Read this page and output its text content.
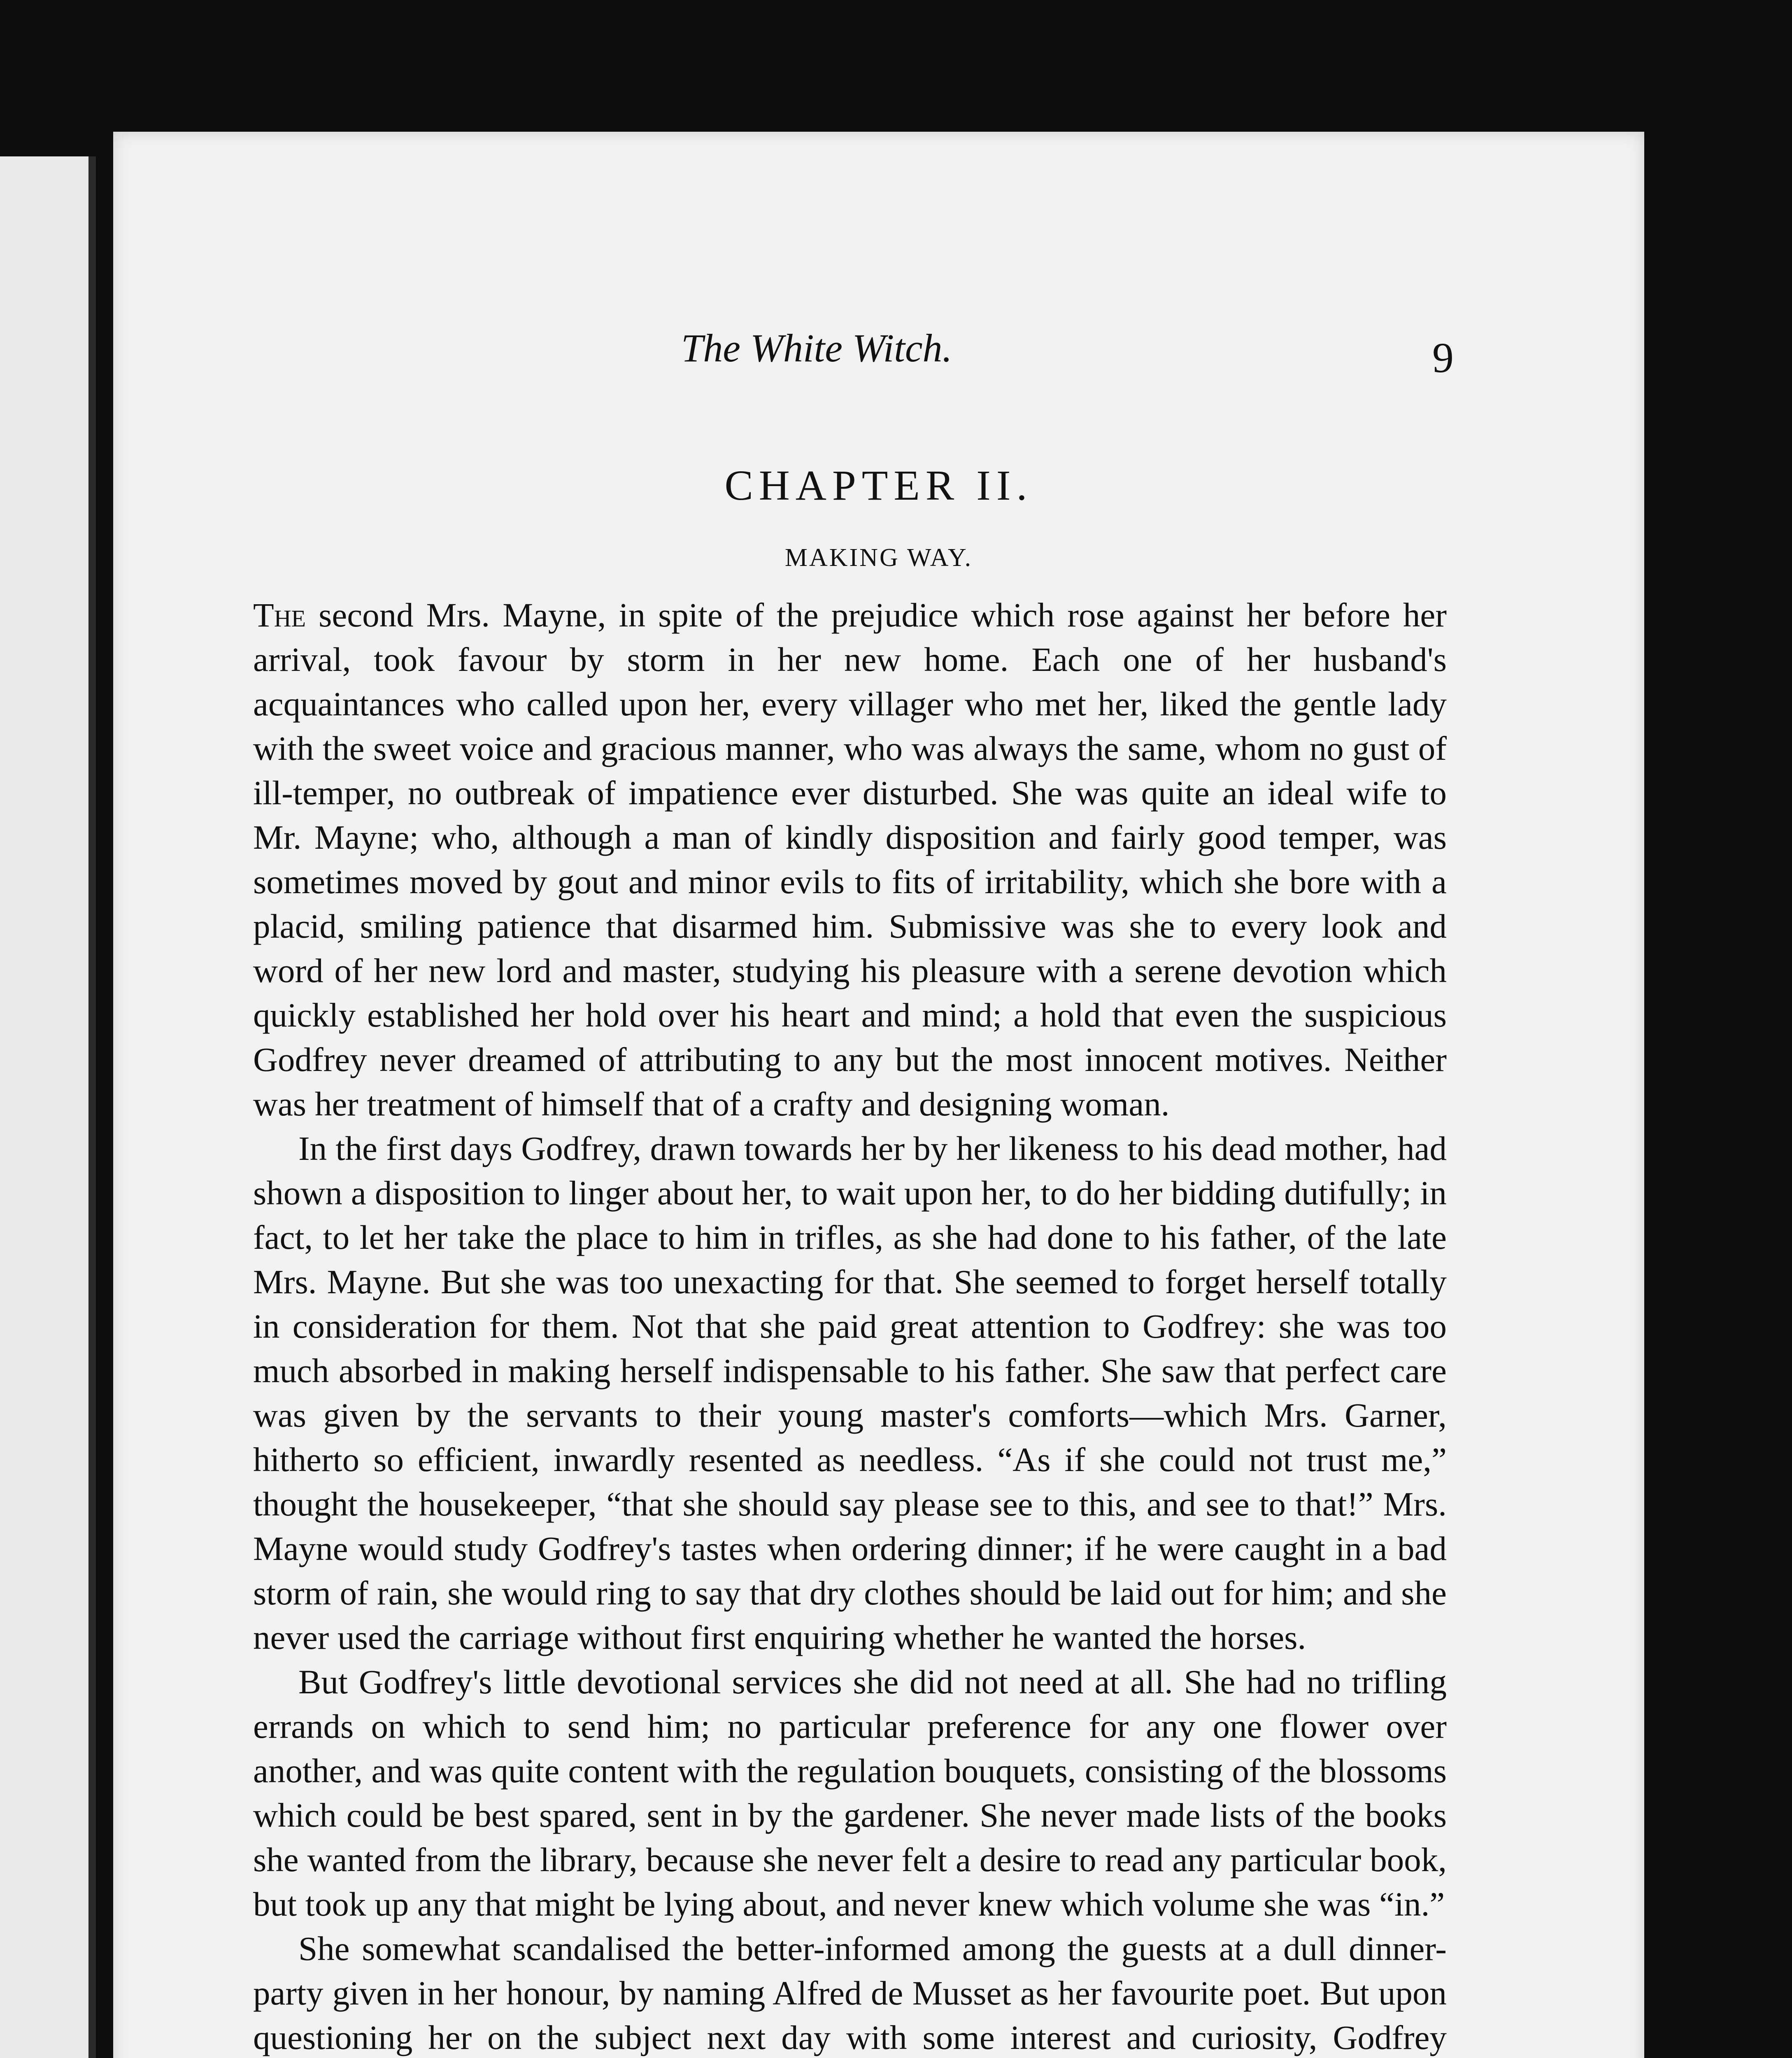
The White Witch.	9
CHAPTER II.
MAKING WAY.

The second Mrs. Mayne, in spite of the prejudice which rose against her before her arrival, took favour by storm in her new home. Each one of her husband's acquaintances who called upon her, every villager who met her, liked the gentle lady with the sweet voice and gracious manner, who was always the same, whom no gust of ill-temper, no outbreak of impatience ever disturbed. She was quite an ideal wife to Mr. Mayne; who, although a man of kindly disposition and fairly good temper, was sometimes moved by gout and minor evils to fits of irritability, which she bore with a placid, smiling patience that disarmed him. Submissive was she to every look and word of her new lord and master, studying his pleasure with a serene devotion which quickly established her hold over his heart and mind; a hold that even the suspicious Godfrey never dreamed of attributing to any but the most innocent motives. Neither was her treatment of himself that of a crafty and designing woman.

In the first days Godfrey, drawn towards her by her likeness to his dead mother, had shown a disposition to linger about her, to wait upon her, to do her bidding dutifully; in fact, to let her take the place to him in trifles, as she had done to his father, of the late Mrs. Mayne. But she was too unexacting for that. She seemed to forget herself totally in consideration for them. Not that she paid great attention to Godfrey: she was too much absorbed in making herself indispensable to his father. She saw that perfect care was given by the servants to their young master's comforts—which Mrs. Garner, hitherto so efficient, inwardly resented as needless. “As if she could not trust me,” thought the housekeeper, “that she should say please see to this, and see to that!” Mrs. Mayne would study Godfrey's tastes when ordering dinner; if he were caught in a bad storm of rain, she would ring to say that dry clothes should be laid out for him; and she never used the carriage without first enquiring whether he wanted the horses.

But Godfrey's little devotional services she did not need at all. She had no trifling errands on which to send him; no particular preference for any one flower over another, and was quite content with the regulation bouquets, consisting of the blossoms which could be best spared, sent in by the gardener. She never made lists of the books she wanted from the library, because she never felt a desire to read any particular book, but took up any that might be lying about, and never knew which volume she was “in.”

She somewhat scandalised the better-informed among the guests at a dull dinner-party given in her honour, by naming Alfred de Musset as her favourite poet. But upon questioning her on the subject next day with some interest and curiosity, Godfrey
